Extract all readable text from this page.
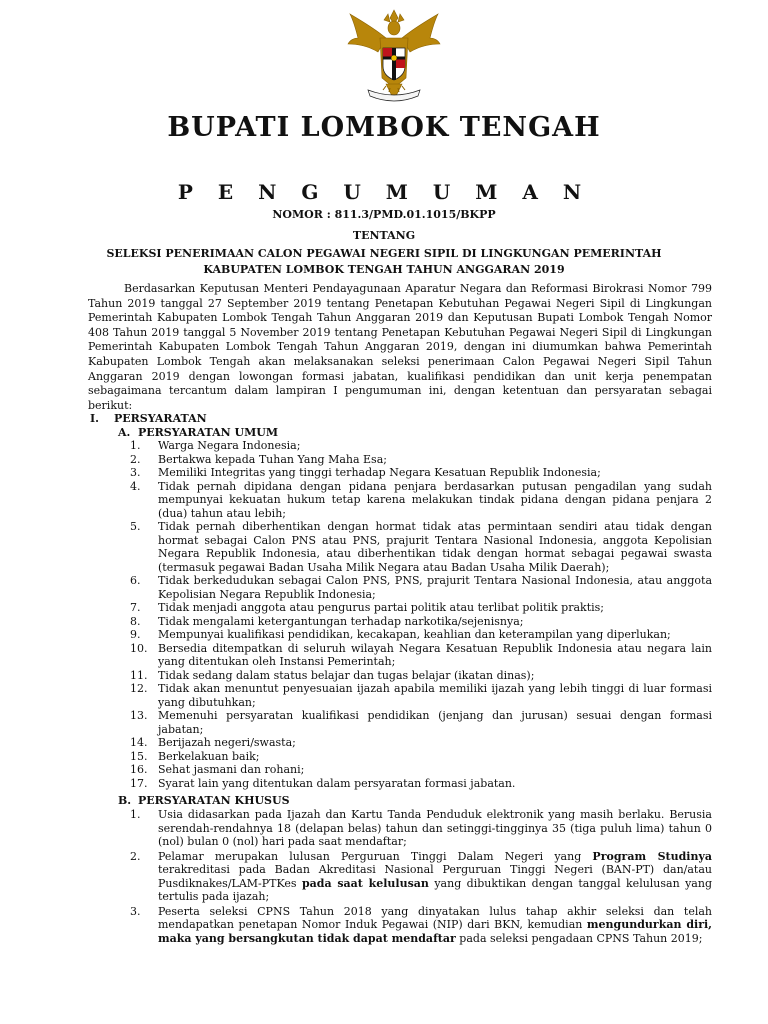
BUPATI LOMBOK TENGAH
P E N G U M U M A N
NOMOR : 811.3/PMD.01.1015/BKPP
TENTANG
SELEKSI PENERIMAAN CALON PEGAWAI NEGERI SIPIL DI LINGKUNGAN PEMERINTAH
KABUPATEN LOMBOK TENGAH TAHUN ANGGARAN 2019

Berdasarkan Keputusan Menteri Pendayagunaan Aparatur Negara dan Reformasi Birokrasi Nomor 799 Tahun 2019 tanggal 27 September 2019 tentang Penetapan Kebutuhan Pegawai Negeri Sipil di Lingkungan Pemerintah Kabupaten Lombok Tengah Tahun Anggaran 2019 dan Keputusan Bupati Lombok Tengah Nomor 408 Tahun 2019 tanggal 5 November 2019 tentang Penetapan Kebutuhan Pegawai Negeri Sipil di Lingkungan Pemerintah Kabupaten Lombok Tengah Tahun Anggaran 2019, dengan ini diumumkan bahwa Pemerintah Kabupaten Lombok Tengah akan melaksanakan seleksi penerimaan Calon Pegawai Negeri Sipil Tahun Anggaran 2019 dengan lowongan formasi jabatan, kualifikasi pendidikan dan unit kerja penempatan sebagaimana tercantum dalam lampiran I pengumuman ini, dengan ketentuan dan persyaratan sebagai berikut:

I. PERSYARATAN
A. PERSYARATAN UMUM
1.	Warga Negara Indonesia;
2.	Bertakwa kepada Tuhan Yang Maha Esa;
3.	Memiliki Integritas yang tinggi terhadap Negara Kesatuan Republik Indonesia;
4.	Tidak pernah dipidana dengan pidana penjara berdasarkan putusan pengadilan yang sudah mempunyai kekuatan hukum tetap karena melakukan tindak pidana dengan pidana penjara 2 (dua) tahun atau lebih;
5.	Tidak pernah diberhentikan dengan hormat tidak atas permintaan sendiri atau tidak dengan hormat sebagai Calon PNS atau PNS, prajurit Tentara Nasional Indonesia, anggota Kepolisian Negara Republik Indonesia, atau diberhentikan tidak dengan hormat sebagai pegawai swasta (termasuk pegawai Badan Usaha Milik Negara atau Badan Usaha Milik Daerah);
6.	Tidak berkedudukan sebagai Calon PNS, PNS, prajurit Tentara Nasional Indonesia, atau anggota Kepolisian Negara Republik Indonesia;
7.	Tidak menjadi anggota atau pengurus partai politik atau terlibat politik praktis;
8.	Tidak mengalami ketergantungan terhadap narkotika/sejenisnya;
9.	Mempunyai kualifikasi pendidikan, kecakapan, keahlian dan keterampilan yang diperlukan;
10. Bersedia ditempatkan di seluruh wilayah Negara Kesatuan Republik Indonesia atau negara lain yang ditentukan oleh Instansi Pemerintah;
11. Tidak sedang dalam status belajar dan tugas belajar (ikatan dinas);
12. Tidak akan menuntut penyesuaian ijazah apabila memiliki ijazah yang lebih tinggi di luar formasi yang dibutuhkan;
13. Memenuhi persyaratan kualifikasi pendidikan (jenjang dan jurusan) sesuai dengan formasi jabatan;
14. Berijazah negeri/swasta;
15. Berkelakuan baik;
16. Sehat jasmani dan rohani;
17. Syarat lain yang ditentukan dalam persyaratan formasi jabatan.
B. PERSYARATAN KHUSUS
1.	Usia didasarkan pada Ijazah dan Kartu Tanda Penduduk elektronik yang masih berlaku. Berusia serendah-rendahnya 18 (delapan belas) tahun dan setinggi-tingginya 35 (tiga puluh lima) tahun 0 (nol) bulan 0 (nol) hari pada saat mendaftar;
2.	Pelamar merupakan lulusan Perguruan Tinggi Dalam Negeri yang Program Studinya terakreditasi pada Badan Akreditasi Nasional Perguruan Tinggi Negeri (BAN-PT) dan/atau Pusdiknakes/LAM-PTKes pada saat kelulusan yang dibuktikan dengan tanggal kelulusan yang tertulis pada ijazah;
3.	Peserta seleksi CPNS Tahun 2018 yang dinyatakan lulus tahap akhir seleksi dan telah mendapatkan penetapan Nomor Induk Pegawai (NIP) dari BKN, kemudian mengundurkan diri, maka yang bersangkutan tidak dapat mendaftar pada seleksi pengadaan CPNS Tahun 2019;
